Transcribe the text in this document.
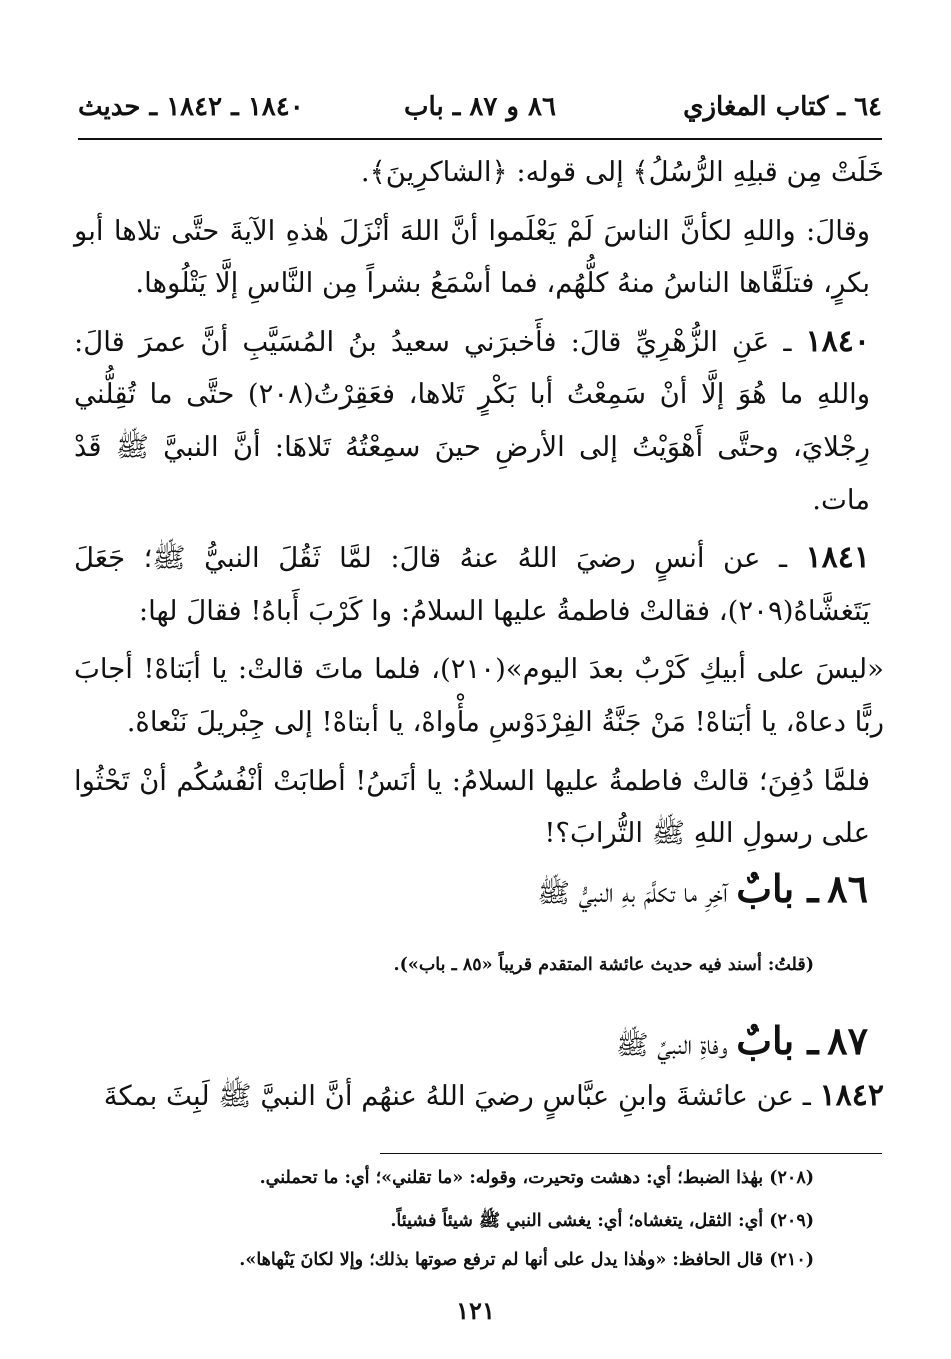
٦٤ ـ كتاب المغازي
٨٦ و ٨٧ ـ باب
١٨٤٠ ـ ١٨٤٢ ـ حديث

خَلَتْ مِن قبلِهِ الرُّسُلُ﴾ إلى قوله: ﴿الشاكرِينَ﴾.

وقالَ: واللهِ لكأنَّ الناسَ لَمْ يَعْلَموا أنَّ اللهَ أنْزَلَ هٰذهِ الآيةَ حتَّى تلاها أبو بكرٍ، فتلَقَّاها الناسُ منهُ كلُّهُم، فما أسْمَعُ بشراً مِن النَّاسِ إلَّا يَتْلُوها.

١٨٤٠ ـ عَنِ الزُّهْرِيِّ قالَ: فأَخبرَني سعيدُ بنُ المُسَيَّبِ أنَّ عمرَ قالَ: واللهِ ما هُوَ إلَّا أنْ سَمِعْتُ أبا بَكْرٍ تَلاها، فعَقِرْتُ(٢٠٨) حتَّى ما تُقِلُّني رِجْلايَ، وحتَّى أَهْوَيْتُ إلى الأرضِ حينَ سمِعْتُهُ تَلاهَا: أنَّ النبيَّ ﷺ قَدْ مات.

١٨٤١ ـ عن أنسٍ رضيَ اللهُ عنهُ قالَ: لمَّا ثَقُلَ النبيُّ ﷺ؛ جَعَلَ يَتَغشَّاهُ(٢٠٩)، فقالتْ فاطمةُ عليها السلامُ: وا كَرْبَ أَباهُ! فقالَ لها:

«ليسَ على أبيكِ كَرْبٌ بعدَ اليوم»(٢١٠)، فلما ماتَ قالتْ: يا أبَتاهْ! أجابَ ربًّا دعاهْ، يا أبَتاهْ! مَنْ جَنَّةُ الفِرْدَوْسِ مأْواهْ، يا أبتاهْ! إلى جِبْريلَ نَنْعاهْ.

فلمَّا دُفِنَ؛ قالتْ فاطمةُ عليها السلامُ: يا أنَسُ! أطابَتْ أنْفُسُكُم أنْ تَحْثُوا على رسولِ اللهِ ﷺ التُّرابَ؟!

٨٦ ـ بابٌ آخِرِ ما تكلَّمَ بهِ النبيُّ ﷺ
(قلتُ: أسند فيه حديث عائشة المتقدم قريباً «٨٥ ـ باب»).
٨٧ ـ بابٌ وفاةِ النبيِّ ﷺ
١٨٤٢ ـ عن عائشةَ وابنِ عبَّاسٍ رضيَ اللهُ عنهُم أنَّ النبيَّ ﷺ لَبِثَ بمكةَ
(٢٠٨) بهٰذا الضبط؛ أي: دهشت وتحيرت، وقوله: «ما تقلني»؛ أي: ما تحملني.
(٢٠٩) أي: الثقل، يتغشاه؛ أي: يغشى النبي ﷺ شيئاً فشيئاً.
(٢١٠) قال الحافظ: «وهٰذا يدل على أنها لم ترفع صوتها بذلك؛ وإلا لكانَ يَنْهاها».
١٢١
